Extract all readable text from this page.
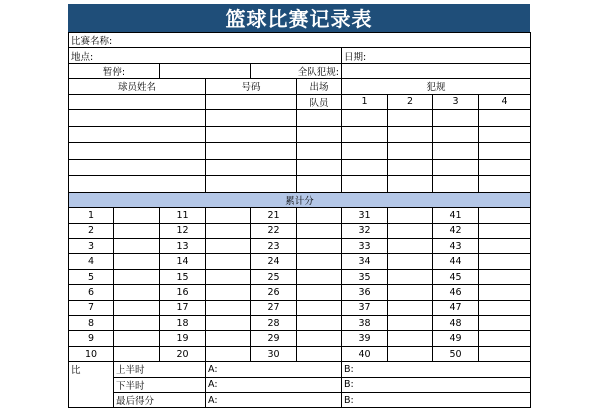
篮球比赛记录表
比赛名称:									
地点:						日期:			
暂停:				全队犯规:					
球员姓名			号码		出场	犯规			
					队员	1	2	3	4

累计分									
1		11		21		31		41	
2		12		22		32		42	
3		13		23		33		43	
4		14		24		34		44	
5		15		25		35		45	
6		16		26		36		46	
7		17		27		37		47	
8		18		28		38		48	
9		19		29		39		49	
10		20		30		40		50	
比	上半时		A:			B:			
	下半时		A:			B:			
	最后得分		A:			B:			
